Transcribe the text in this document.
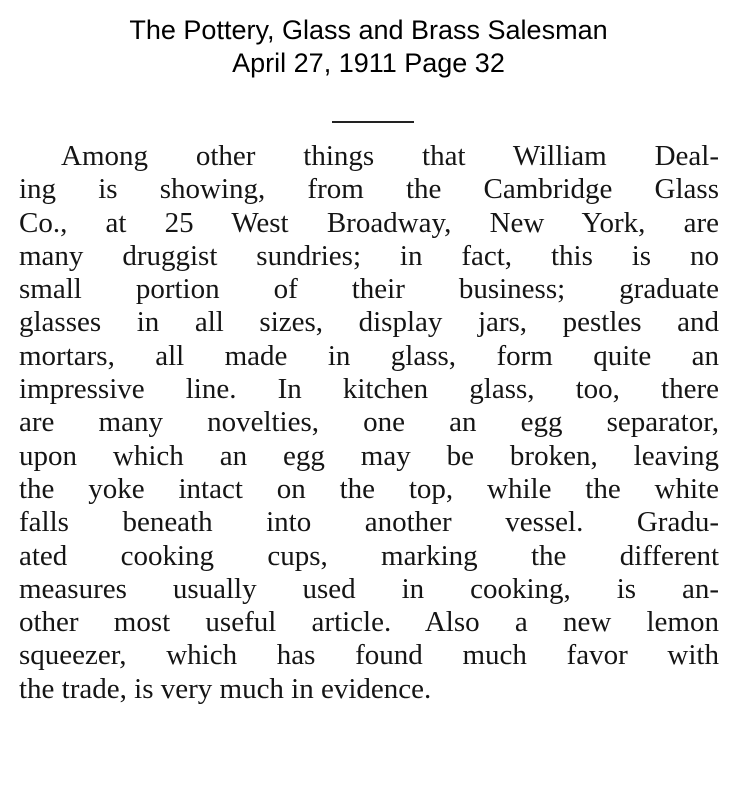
The Pottery, Glass and Brass Salesman
April 27, 1911 Page 32
Among other things that William Deal-
ing is showing, from the Cambridge Glass
Co., at 25 West Broadway, New York, are
many druggist sundries; in fact, this is no
small portion of their business; graduate
glasses in all sizes, display jars, pestles and
mortars, all made in glass, form quite an
impressive line. In kitchen glass, too, there
are many novelties, one an egg separator,
upon which an egg may be broken, leaving
the yoke intact on the top, while the white
falls beneath into another vessel. Gradu-
ated cooking cups, marking the different
measures usually used in cooking, is an-
other most useful article. Also a new lemon
squeezer, which has found much favor with
the trade, is very much in evidence.
